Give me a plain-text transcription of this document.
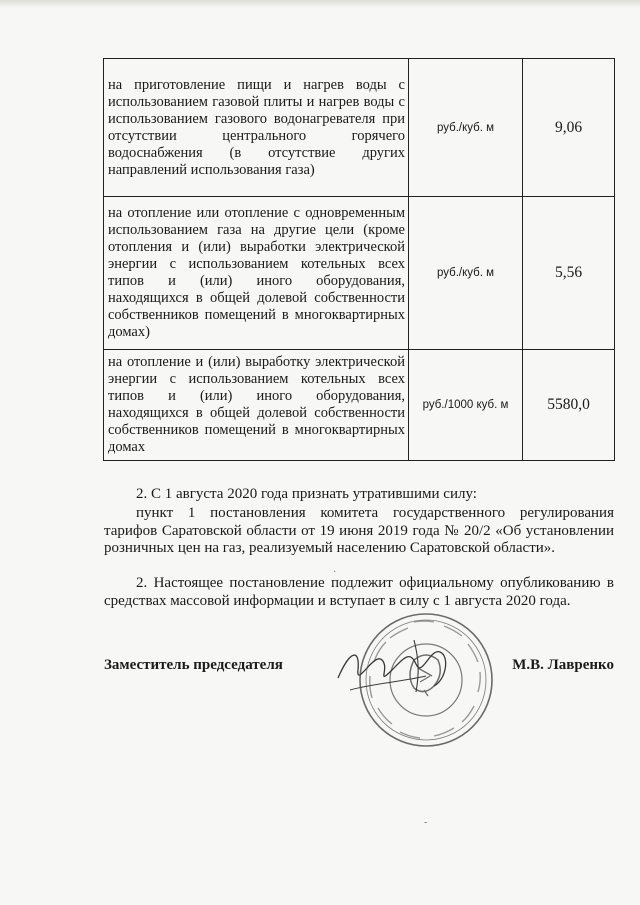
на приготовление пищи и нагрев воды с использованием газовой плиты и нагрев воды с использованием газового водонагревателя при отсутствии центрального горячего водоснабжения (в отсутствие других направлений использования газа)	руб./куб. м	9,06
на отопление или отопление с одновременным использованием газа на другие цели (кроме отопления и (или) выработки электрической энергии с использованием котельных всех типов и (или) иного оборудования, находящихся в общей долевой собственности собственников помещений в многоквартирных домах)	руб./куб. м	5,56
на отопление и (или) выработку электрической энергии с использованием котельных всех типов и (или) иного оборудования, находящихся в общей долевой собственности собственников помещений в многоквартирных домах	руб./1000 куб. м	5580,0
2. С 1 августа 2020 года признать утратившими силу:
пункт 1 постановления комитета государственного регулирования тарифов Саратовской области от 19 июня 2019 года № 20/2 «Об установлении розничных цен на газ, реализуемый населению Саратовской области».
2. Настоящее постановление подлежит официальному опубликованию в средствах массовой информации и вступает в силу с 1 августа 2020 года.
Заместитель председателя	М.В. Лавренко
·
-
